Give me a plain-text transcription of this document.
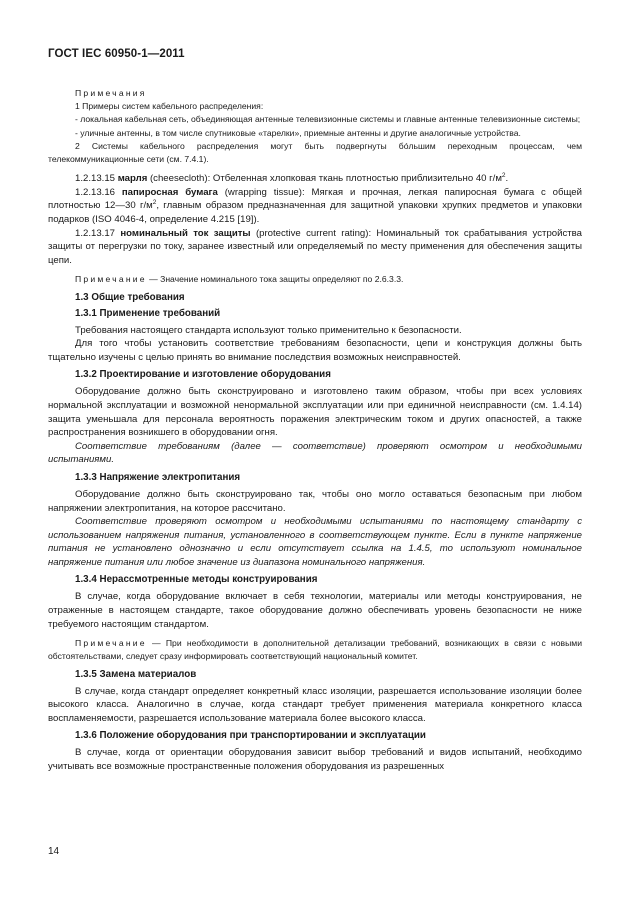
ГОСТ IEC 60950-1—2011

Примечания

1 Примеры систем кабельного распределения:

- локальная кабельная сеть, объединяющая антенные телевизионные системы и главные антенные телевизионные системы;

- уличные антенны, в том числе спутниковые «тарелки», приемные антенны и другие аналогичные устройства.

2 Системы кабельного распределения могут быть подвергнуты бóльшим переходным процессам, чем телекоммуникационные сети (см. 7.4.1).

1.2.13.15 марля (cheesecloth): Отбеленная хлопковая ткань плотностью приблизительно 40 $г/м^2$.

1.2.13.16 папиросная бумага (wrapping tissue): Мягкая и прочная, легкая папиросная бумага с общей плотностью 12—30 $г/м^2$, главным образом предназначенная для защитной упаковки хрупких предметов и упаковки подарков (ISO 4046-4, определение 4.215 [19]).

1.2.13.17 номинальный ток защиты (protective current rating): Номинальный ток срабатывания устройства защиты от перегрузки по току, заранее известный или определяемый по месту применения для обеспечения защиты цепи.

Примечание — Значение номинального тока защиты определяют по 2.6.3.3.

1.3 Общие требования
1.3.1 Применение требований

Требования настоящего стандарта используют только применительно к безопасности.

Для того чтобы установить соответствие требованиям безопасности, цепи и конструкция должны быть тщательно изучены с целью принять во внимание последствия возможных неисправностей.

1.3.2 Проектирование и изготовление оборудования

Оборудование должно быть сконструировано и изготовлено таким образом, чтобы при всех условиях нормальной эксплуатации и возможной ненормальной эксплуатации или при единичной неисправности (см. 1.4.14) защита уменьшала для персонала вероятность поражения электрическим током и других опасностей, а также распространения возникшего в оборудовании огня.

Соответствие требованиям (далее — соответствие) проверяют осмотром и необходимыми испытаниями.

1.3.3 Напряжение электропитания

Оборудование должно быть сконструировано так, чтобы оно могло оставаться безопасным при любом напряжении электропитания, на которое рассчитано.

Соответствие проверяют осмотром и необходимыми испытаниями по настоящему стандарту с использованием напряжения питания, установленного в соответствующем пункте. Если в пункте напряжение питания не установлено однозначно и если отсутствует ссылка на 1.4.5, то используют номинальное напряжение питания или любое значение из диапазона номинального напряжения.

1.3.4 Нерассмотренные методы конструирования

В случае, когда оборудование включает в себя технологии, материалы или методы конструирования, не отраженные в настоящем стандарте, такое оборудование должно обеспечивать уровень безопасности не ниже требуемого настоящим стандартом.

Примечание — При необходимости в дополнительной детализации требований, возникающих в связи с новыми обстоятельствами, следует сразу информировать соответствующий национальный комитет.

1.3.5 Замена материалов

В случае, когда стандарт определяет конкретный класс изоляции, разрешается использование изоляции более высокого класса. Аналогично в случае, когда стандарт требует применения материала конкретного класса воспламеняемости, разрешается использование материала более высокого класса.

1.3.6 Положение оборудования при транспортировании и эксплуатации

В случае, когда от ориентации оборудования зависит выбор требований и видов испытаний, необходимо учитывать все возможные пространственные положения оборудования из разрешенных

14
